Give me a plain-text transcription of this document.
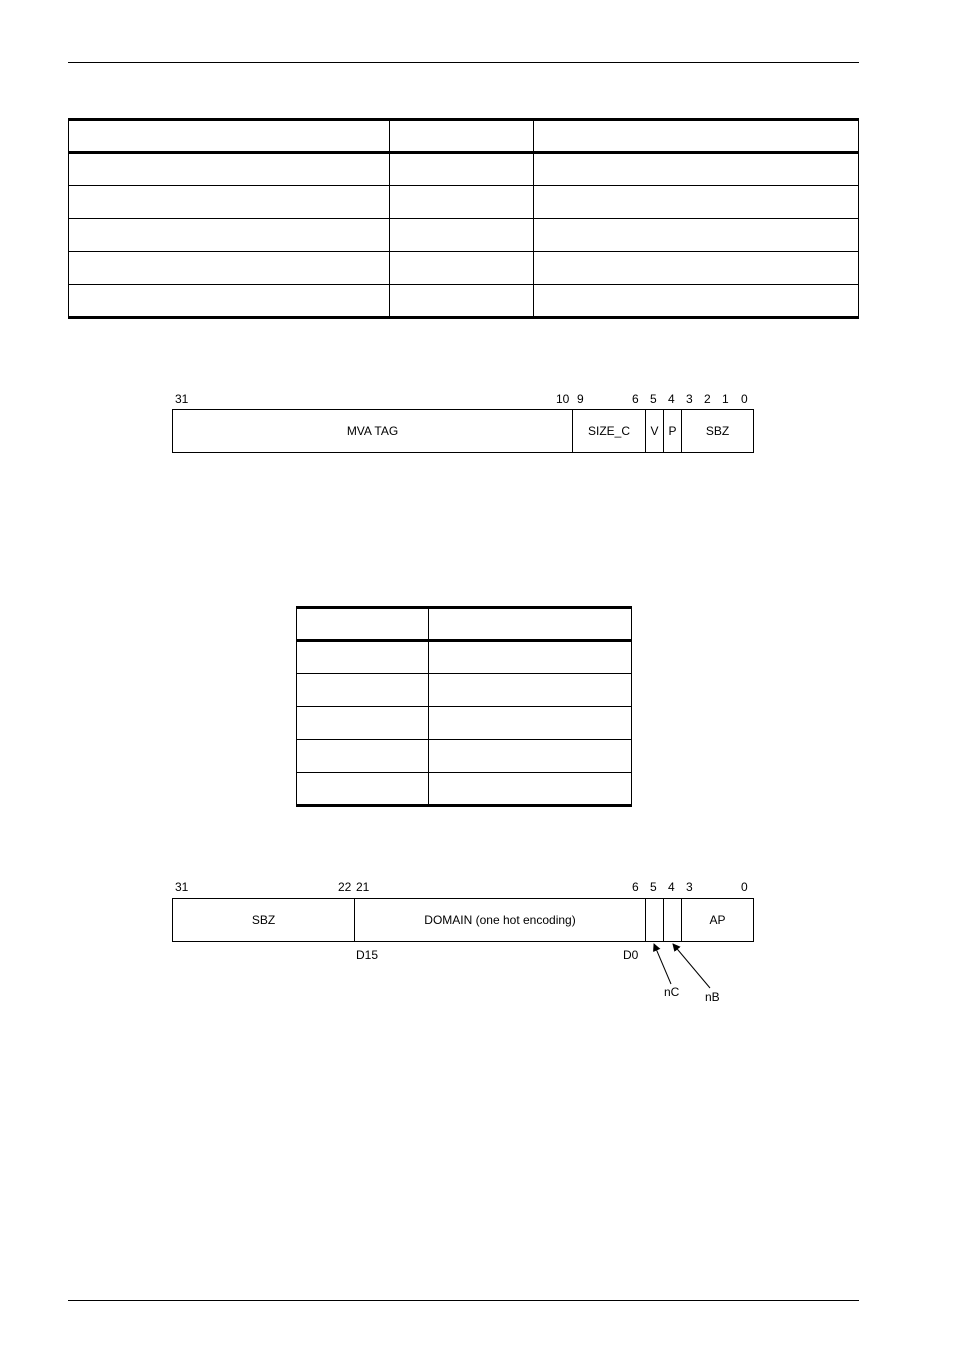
31	10 9	6 5 4 3 2 1 0
MVA TAG	SIZE_C	V P	SBZ

31	22 21	6 5 4 3	0
SBZ	DOMAIN (one hot encoding)	AP
D15	D0
nC nB
